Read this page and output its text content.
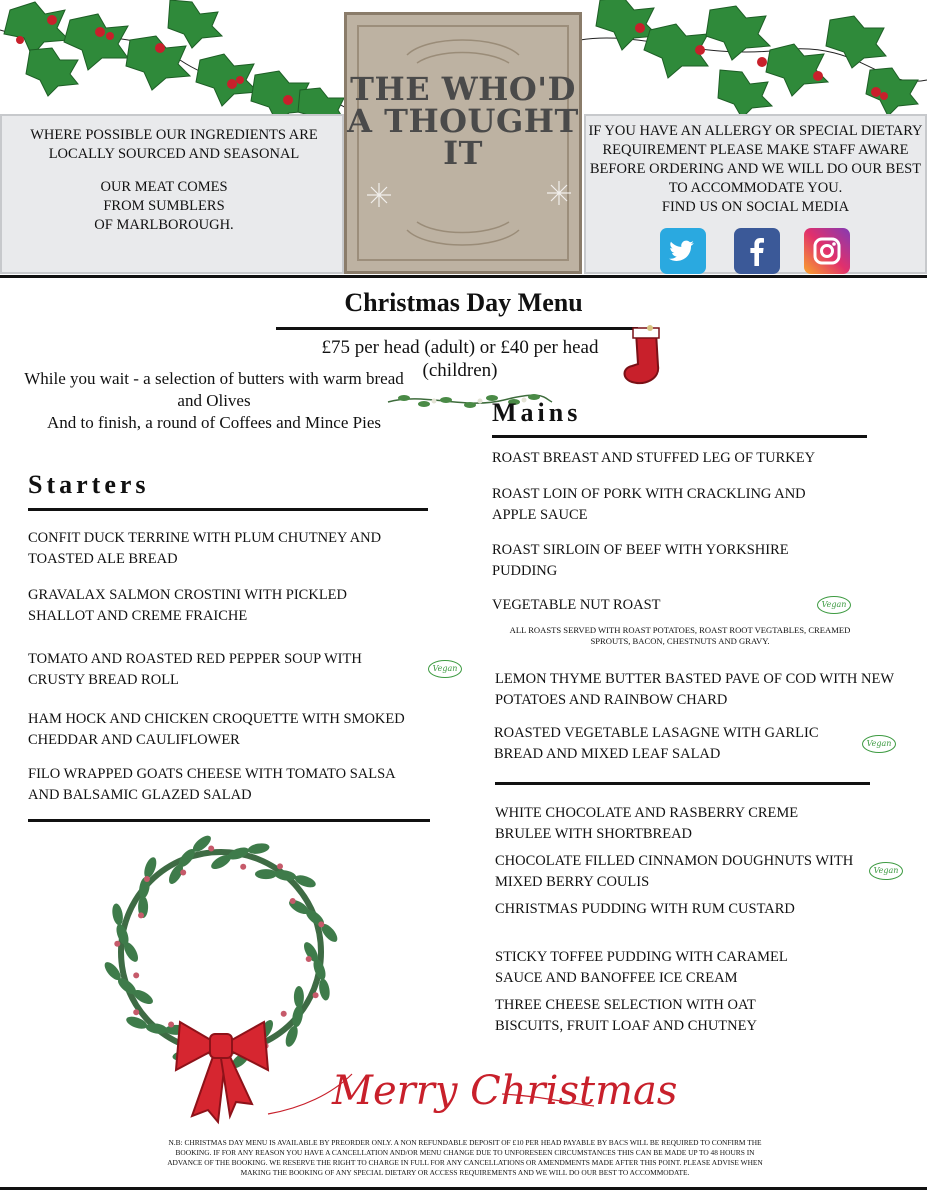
WHERE POSSIBLE OUR INGREDIENTS ARE LOCALLY SOURCED AND SEASONAL
OUR MEAT COMES FROM SUMBLERS OF MARLBOROUGH.
IF YOU HAVE AN ALLERGY OR SPECIAL DIETARY REQUIREMENT PLEASE MAKE STAFF AWARE BEFORE ORDERING AND WE WILL DO OUR BEST TO ACCOMMODATE YOU.
FIND US ON SOCIAL MEDIA
THE WHO'D A THOUGHT IT
Christmas Day Menu
£75 per head (adult) or £40 per head (children)
While you wait - a selection of butters with warm bread and Olives
And to finish, a round of Coffees and Mince Pies
Starters
CONFIT DUCK TERRINE WITH PLUM CHUTNEY AND TOASTED ALE BREAD
GRAVALAX SALMON CROSTINI WITH PICKLED SHALLOT AND CREME FRAICHE
TOMATO AND ROASTED RED PEPPER SOUP WITH CRUSTY BREAD ROLL
Vegan
HAM HOCK AND CHICKEN CROQUETTE WITH SMOKED CHEDDAR AND CAULIFLOWER
FILO WRAPPED GOATS CHEESE WITH TOMATO SALSA AND BALSAMIC GLAZED SALAD
Merry Christmas
Mains
ROAST BREAST AND STUFFED LEG OF TURKEY
ROAST LOIN OF PORK WITH CRACKLING AND APPLE SAUCE
ROAST SIRLOIN OF BEEF WITH YORKSHIRE PUDDING
VEGETABLE NUT ROAST	Vegan
ALL ROASTS SERVED WITH ROAST POTATOES, ROAST ROOT VEGTABLES, CREAMED SPROUTS, BACON, CHESTNUTS AND GRAVY.
LEMON THYME BUTTER BASTED PAVE OF COD WITH NEW POTATOES AND RAINBOW CHARD
ROASTED VEGETABLE LASAGNE WITH GARLIC BREAD AND MIXED LEAF SALAD
Vegan
WHITE CHOCOLATE AND RASBERRY CREME BRULEE WITH SHORTBREAD
CHOCOLATE FILLED CINNAMON DOUGHNUTS WITH MIXED BERRY COULIS
Vegan
CHRISTMAS PUDDING WITH RUM CUSTARD
STICKY TOFFEE PUDDING WITH CARAMEL SAUCE AND BANOFFEE ICE CREAM
THREE CHEESE SELECTION WITH OAT BISCUITS, FRUIT LOAF AND CHUTNEY
N.B: CHRISTMAS DAY MENU IS AVAILABLE BY PREORDER ONLY. A NON REFUNDABLE DEPOSIT OF £10 PER HEAD PAYABLE BY BACS WILL BE REQUIRED TO CONFIRM THE BOOKING. IF FOR ANY REASON YOU HAVE A CANCELLATION AND/OR MENU CHANGE DUE TO UNFORESEEN CIRCUMSTANCES THIS CAN BE MADE UP TO 48 HOURS IN ADVANCE OF THE BOOKING. WE RESERVE THE RIGHT TO CHARGE IN FULL FOR ANY CANCELLATIONS OR AMENDMENTS MADE AFTER THIS POINT. PLEASE ADVISE WHEN MAKING THE BOOKING OF ANY SPECIAL DIETARY OR ACCESS REQUIREMENTS AND WE WILL DO OUR BEST TO ACCOMMODATE.
